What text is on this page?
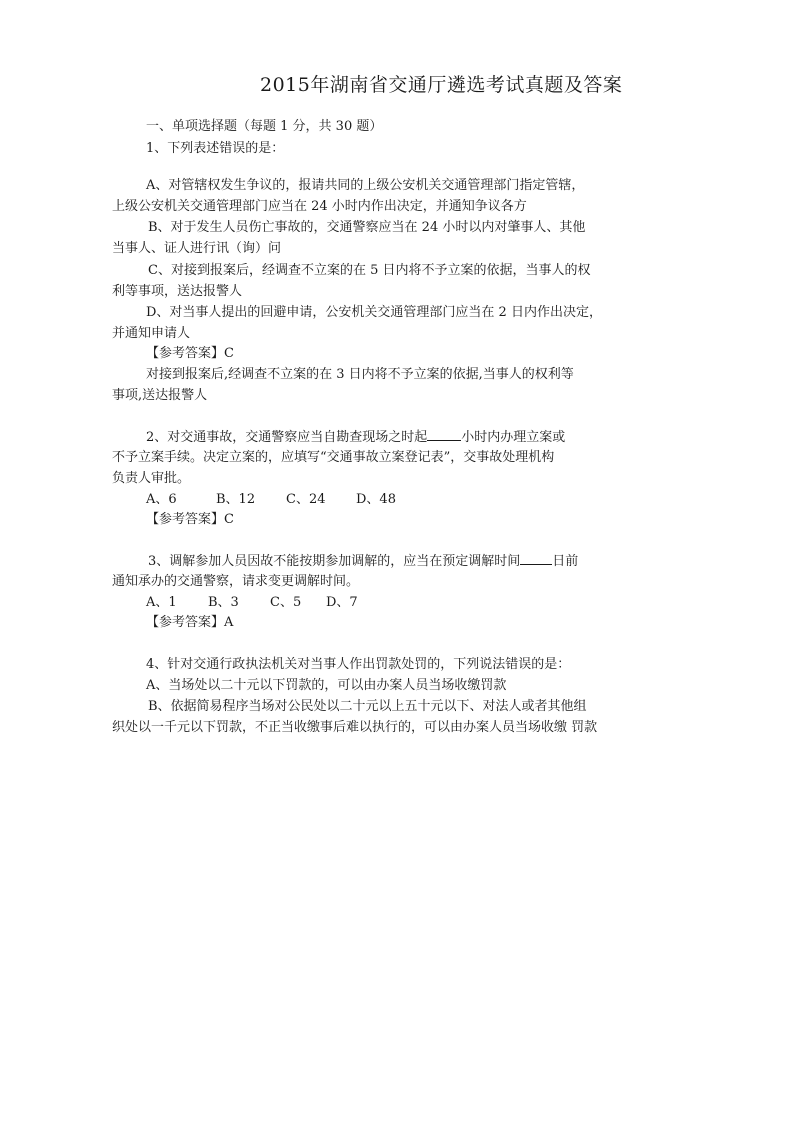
2015年湖南省交通厅遴选考试真题及答案
一、单项选择题（每题 1 分，共 30 题）
1、下列表述错误的是：
A、对管辖权发生争议的，报请共同的上级公安机关交通管理部门指定管辖，
上级公安机关交通管理部门应当在 24 小时内作出决定，并通知争议各方
B、对于发生人员伤亡事故的，交通警察应当在 24 小时以内对肇事人、其他
当事人、证人进行讯（询）问
C、对接到报案后，经调查不立案的在 5 日内将不予立案的依据，当事人的权
利等事项，送达报警人
D、对当事人提出的回避申请，公安机关交通管理部门应当在 2 日内作出决定，
并通知申请人
【参考答案】C
对接到报案后,经调查不立案的在 3 日内将不予立案的依据,当事人的权利等
事项,送达报警人
2、对交通事故，交通警察应当自勘查现场之时起	小时内办理立案或
不予立案手续。决定立案的，应填写“交通事故立案登记表”，交事故处理机构
负责人审批。
A、6	B、12 C、24 D、48
【参考答案】C
3、调解参加人员因故不能按期参加调解的，应当在预定调解时间 日前
通知承办的交通警察，请求变更调解时间。
A、1 B、3 C、5 D、7
【参考答案】A
4、针对交通行政执法机关对当事人作出罚款处罚的，下列说法错误的是：
A、当场处以二十元以下罚款的，可以由办案人员当场收缴罚款
B、依据简易程序当场对公民处以二十元以上五十元以下、对法人或者其他组
织处以一千元以下罚款，不正当收缴事后难以执行的，可以由办案人员当场收缴 罚款
